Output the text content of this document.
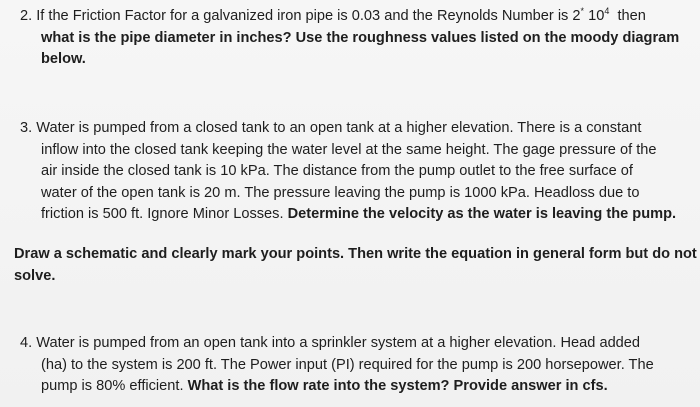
2. If the Friction Factor for a galvanized iron pipe is 0.03 and the Reynolds Number is 2* $10^4$  then
what is the pipe diameter in inches? Use the roughness values listed on the moody diagram
below.
3. Water is pumped from a closed tank to an open tank at a higher elevation. There is a constant
inflow into the closed tank keeping the water level at the same height. The gage pressure of the
air inside the closed tank is 10 kPa. The distance from the pump outlet to the free surface of
water of the open tank is 20 m. The pressure leaving the pump is 1000 kPa. Headloss due to
friction is 500 ft. Ignore Minor Losses. Determine the velocity as the water is leaving the pump.
Draw a schematic and clearly mark your points. Then write the equation in general form but do not
solve.
4. Water is pumped from an open tank into a sprinkler system at a higher elevation. Head added
(ha) to the system is 200 ft. The Power input (PI) required for the pump is 200 horsepower. The
pump is 80% efficient. What is the flow rate into the system? Provide answer in cfs.
